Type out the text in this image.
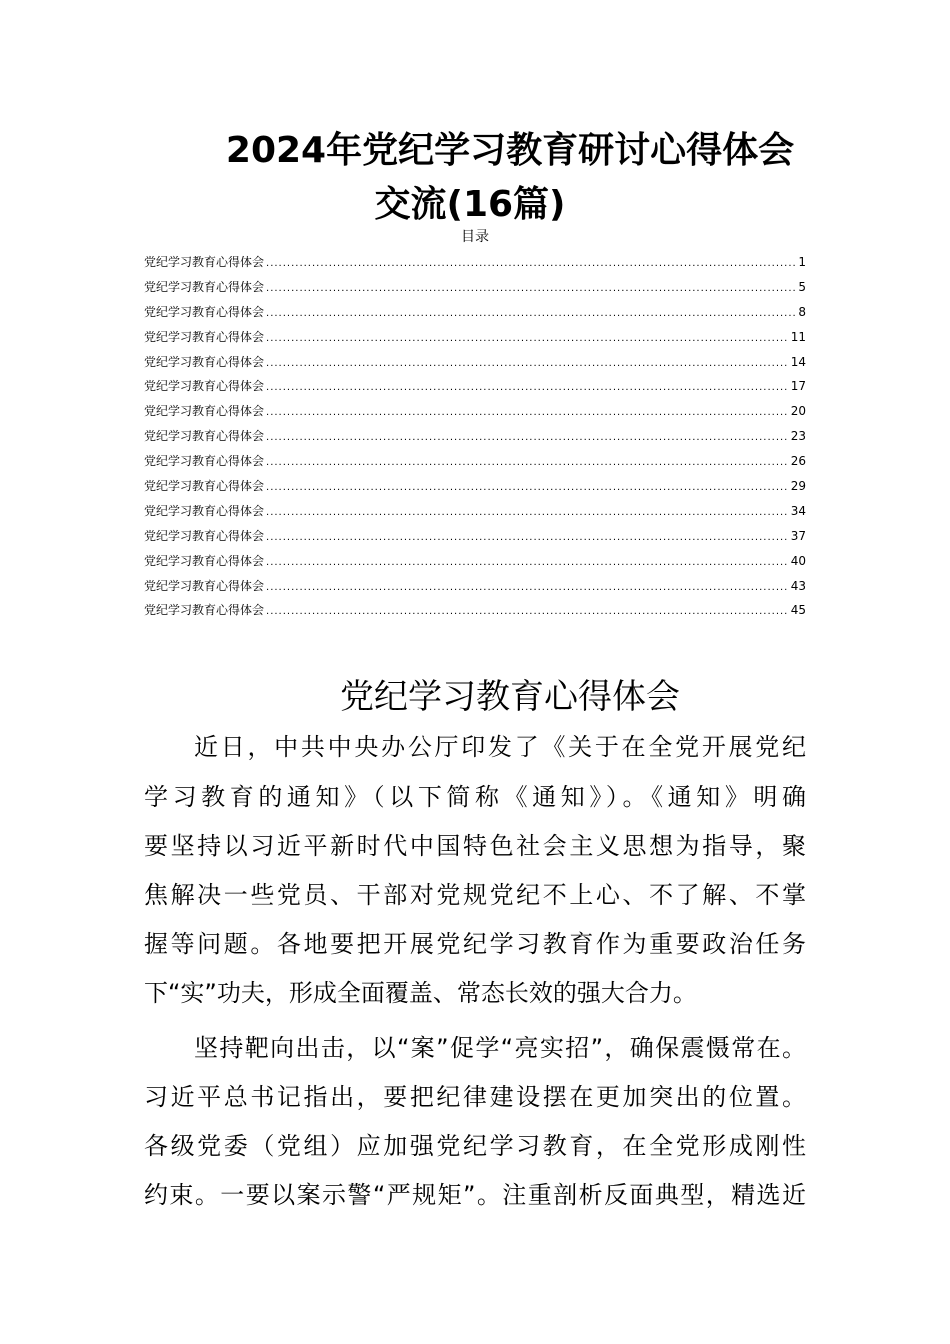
2024年党纪学习教育研讨心得体会
交流(16篇)
目录
党纪学习教育心得体会 .....	1
党纪学习教育心得体会 .....	5
党纪学习教育心得体会 .....	8
党纪学习教育心得体会 .....	11
党纪学习教育心得体会 .....	14
党纪学习教育心得体会 .....	17
党纪学习教育心得体会 .....	20
党纪学习教育心得体会 .....	23
党纪学习教育心得体会 .....	26
党纪学习教育心得体会 .....	29
党纪学习教育心得体会 .....	34
党纪学习教育心得体会 .....	37
党纪学习教育心得体会 .....	40
党纪学习教育心得体会 .....	43
党纪学习教育心得体会 .....	45
党纪学习教育心得体会
近日，中共中央办公厅印发了《关于在全党开展党纪
学习教育的通知》（以下简称《通知》）。《通知》明确
要坚持以习近平新时代中国特色社会主义思想为指导，聚
焦解决一些党员、干部对党规党纪不上心、不了解、不掌
握等问题。各地要把开展党纪学习教育作为重要政治任务
下“实”功夫，形成全面覆盖、常态长效的强大合力。
坚持靶向出击，以“案”促学“亮实招”，确保震慑常在。
习近平总书记指出，要把纪律建设摆在更加突出的位置。
各级党委（党组）应加强党纪学习教育，在全党形成刚性
约束。一要以案示警“严规矩”。注重剖析反面典型，精选近
